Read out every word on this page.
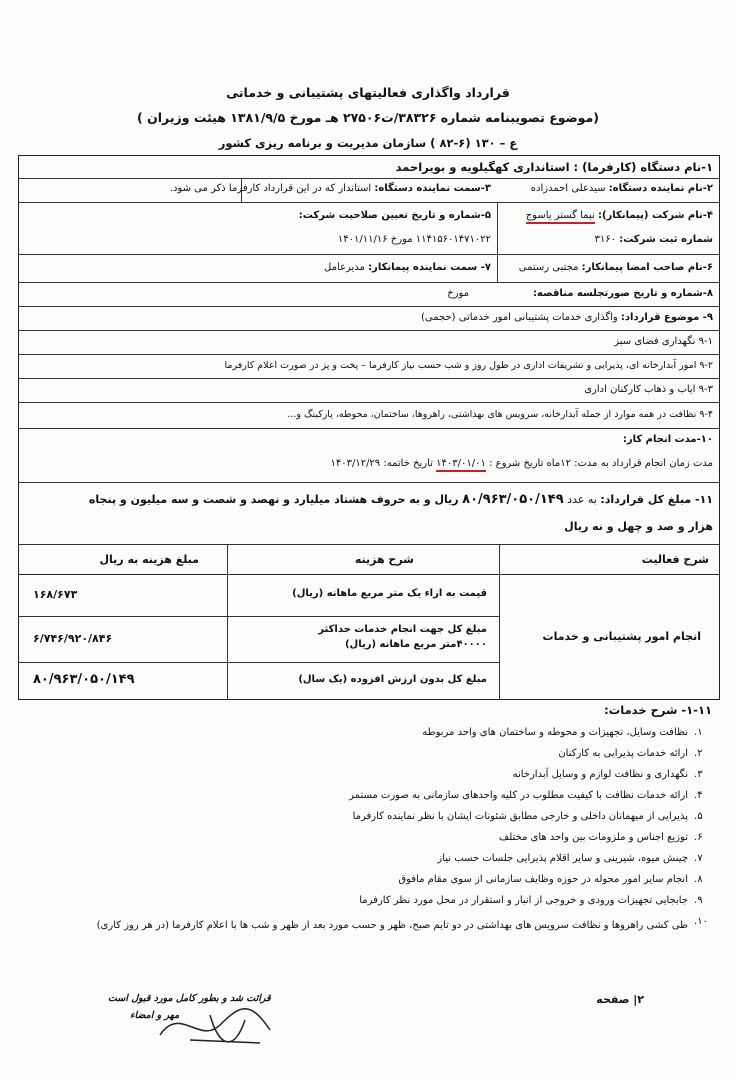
قرارداد واگذاری فعالیتهای پشتیبانی و خدماتی
(موضوع تصویبنامه شماره ۳۸۳۲۶/ت۲۷۵۰۶ هـ مورخ ۱۳۸۱/۹/۵ هیئت وزیران )
ع – ۱۳۰ (۶-۸۲ ) سازمان مدیریت و برنامه ریزی کشور
۱-نام دستگاه (کارفرما) : استانداری کهگیلویه و بویراحمد
۲-نام نماینده دستگاه: سیدعلی احمدزاده
۳-سمت نماینده دستگاه: استاندار که در این قرارداد کارفرما ذکر می شود.
۴-نام شرکت (پیمانکار): نیما گستر یاسوج
شماره ثبت شرکت: ۳۱۶۰
۵-شماره و تاریخ تعیین صلاحیت شرکت:
۱۱۴۱۵۶۰۱۴۷۱۰۲۲ مورخ ۱۴۰۱/۱۱/۱۶
۶-نام صاحب امضا پیمانکار: مجتبی رستمی
۷- سمت نماینده پیمانکار: مدیرعامل
۸-شماره و تاریخ صورتجلسه مناقصه:
مورخ
۹- موضوع قرارداد: واگذاری خدمات پشتیبانی امور خدماتی (حجمی)
۹-۱ نگهداری فضای سبز
۹-۲ امور آبدارخانه ای، پذیرایی و تشریفات اداری در طول روز و شب حسب نیاز کارفرما – پخت و پز در صورت اعلام کارفرما
۹-۳ ایاب و ذهاب کارکنان اداری
۹-۴ نظافت در همه موارد از جمله آبدارخانه، سرویس های بهداشتی، راهروها، ساختمان، محوطه، پارکینگ و...
۱۰-مدت انجام کار:
مدت زمان انجام قرارداد به مدت: ۱۲ماه تاریخ شروع : ۱۴۰۳/۰۱/۰۱ تاریخ خاتمه: ۱۴۰۳/۱۲/۲۹
۱۱- مبلغ کل قرارداد: به عدد ۸۰/۹۶۳/۰۵۰/۱۴۹ ریال و به حروف هشتاد میلیارد و نهصد و شصت و سه میلیون و پنجاه
هزار و صد و چهل و نه ریال
شرح فعالیت
شرح هزینه
مبلغ هزینه به ریال
انجام امور پشتیبانی و خدمات
قیمت به ازاء یک متر مربع ماهانه (ریال)
۱۶۸/۶۷۳
مبلغ کل جهت انجام خدمات حداکثر ۴۰۰۰۰متر مربع ماهانه (ریال)
۶/۷۴۶/۹۲۰/۸۴۶
مبلغ کل بدون ارزش افزوده (یک سال)
۸۰/۹۶۳/۰۵۰/۱۴۹
۱-۱۱- شرح خدمات:
۱.
نظافت وسایل، تجهیزات و محوطه و ساختمان های واحد مربوطه
۲.
ارائه خدمات پذیرایی به کارکنان
۳.
نگهداری و نظافت لوازم و وسایل آبدارخانه
۴.
ارائه خدمات نظافت با کیفیت مطلوب در کلیه واحدهای سازمانی به صورت مستمر
۵.
پذیرایی از میهمانان داخلی و خارجی مطابق شئونات ایشان با نظر نماینده کارفرما
۶.
توزیع اجناس و ملزومات بین واحد های مختلف
۷.
چینش میوه، شیرینی و سایر اقلام پذیرایی جلسات حسب نیاز
۸.
انجام سایر امور محوله در حوزه وظایف سازمانی از سوی مقام مافوق
۹.
جابجایی تجهیزات ورودی و خروجی از انبار و استقرار در محل مورد نظر کارفرما
۱۰.
طی کشی راهروها و نظافت سرویس های بهداشتی در دو تایم صبح، ظهر و حسب مورد بعد از ظهر و شب ها با اعلام کارفرما (در هر روز کاری)
۲| صفحه
قرائت شد و بطور کامل مورد قبول است
مهر و امضاء
